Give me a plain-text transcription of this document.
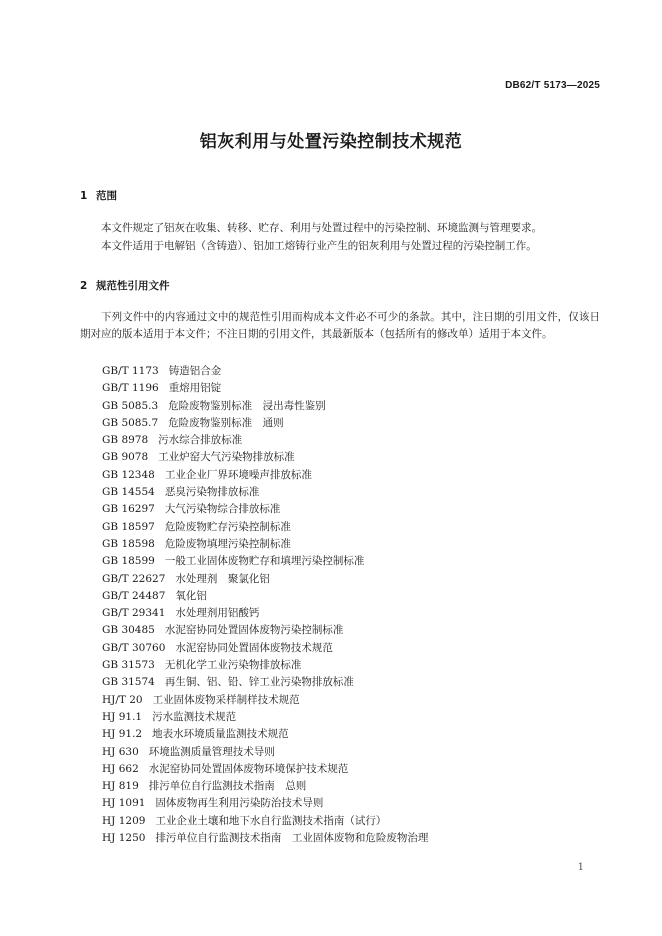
DB62/T 5173—2025
铝灰利用与处置污染控制技术规范
1 范围
本文件规定了铝灰在收集、转移、贮存、利用与处置过程中的污染控制、环境监测与管理要求。
本文件适用于电解铝（含铸造）、铝加工熔铸行业产生的铝灰利用与处置过程的污染控制工作。
2 规范性引用文件
下列文件中的内容通过文中的规范性引用而构成本文件必不可少的条款。其中，注日期的引用文件，仅该日期对应的版本适用于本文件；不注日期的引用文件，其最新版本（包括所有的修改单）适用于本文件。
GB/T 1173 铸造铝合金
GB/T 1196 重熔用铝锭
GB 5085.3 危险废物鉴别标准　浸出毒性鉴别
GB 5085.7 危险废物鉴别标准　通则
GB 8978 污水综合排放标准
GB 9078 工业炉窑大气污染物排放标准
GB 12348 工业企业厂界环境噪声排放标准
GB 14554 恶臭污染物排放标准
GB 16297 大气污染物综合排放标准
GB 18597 危险废物贮存污染控制标准
GB 18598 危险废物填埋污染控制标准
GB 18599 一般工业固体废物贮存和填埋污染控制标准
GB/T 22627 水处理剂　聚氯化铝
GB/T 24487 氧化铝
GB/T 29341 水处理剂用铝酸钙
GB 30485 水泥窑协同处置固体废物污染控制标准
GB/T 30760 水泥窑协同处置固体废物技术规范
GB 31573 无机化学工业污染物排放标准
GB 31574 再生铜、铝、铅、锌工业污染物排放标准
HJ/T 20 工业固体废物采样制样技术规范
HJ 91.1 污水监测技术规范
HJ 91.2 地表水环境质量监测技术规范
HJ 630 环境监测质量管理技术导则
HJ 662 水泥窑协同处置固体废物环境保护技术规范
HJ 819 排污单位自行监测技术指南　总则
HJ 1091 固体废物再生利用污染防治技术导则
HJ 1209 工业企业土壤和地下水自行监测技术指南（试行）
HJ 1250 排污单位自行监测技术指南　工业固体废物和危险废物治理
1
